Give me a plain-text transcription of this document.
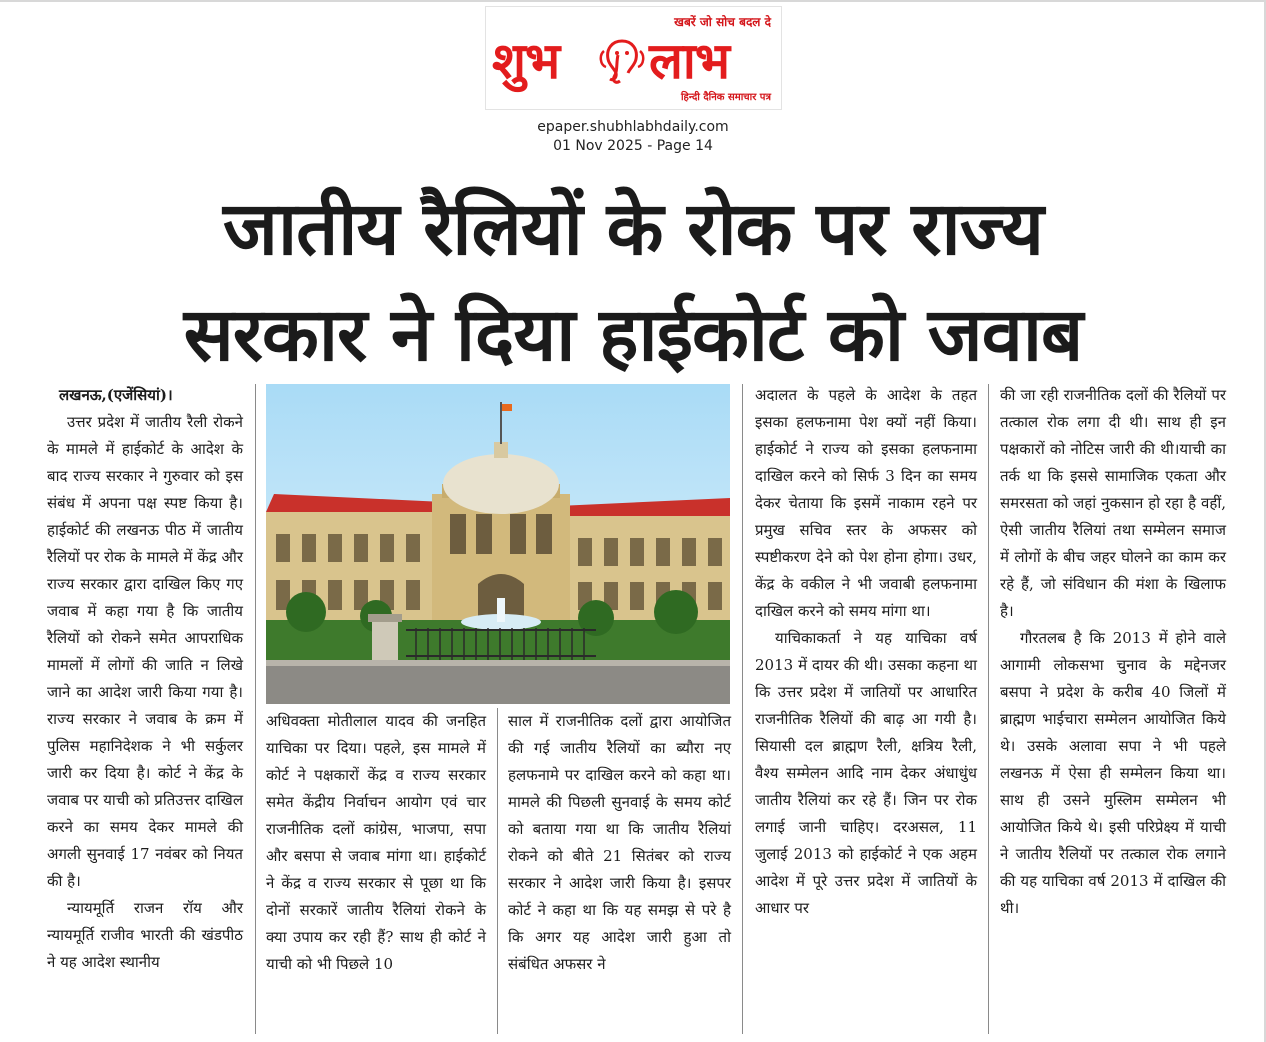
खबरें जो सोच बदल दे
शुभ लाभ
हिन्दी दैनिक समाचार पत्र
epaper.shubhlabhdaily.com
01 Nov 2025 - Page 14
जातीय रैलियों के रोक पर राज्य
सरकार ने दिया हाईकोर्ट को जवाब

लखनऊ,(एजेंसियां)।

उत्तर प्रदेश में जातीय रैली रोकने के मामले में हाईकोर्ट के आदेश के बाद राज्य सरकार ने गुरुवार को इस संबंध में अपना पक्ष स्पष्ट किया है। हाईकोर्ट की लखनऊ पीठ में जातीय रैलियों पर रोक के मामले में केंद्र और राज्य सरकार द्वारा दाखिल किए गए जवाब में कहा गया है कि जातीय रैलियों को रोकने समेत आपराधिक मामलों में लोगों की जाति न लिखे जाने का आदेश जारी किया गया है। राज्य सरकार ने जवाब के क्रम में पुलिस महानिदेशक ने भी सर्कुलर जारी कर दिया है। कोर्ट ने केंद्र के जवाब पर याची को प्रतिउत्तर दाखिल करने का समय देकर मामले की अगली सुनवाई 17 नवंबर को नियत की है।

न्यायमूर्ति राजन रॉय और न्यायमूर्ति राजीव भारती की खंडपीठ ने यह आदेश स्थानीय

अधिवक्ता मोतीलाल यादव की जनहित याचिका पर दिया। पहले, इस मामले में कोर्ट ने पक्षकारों केंद्र व राज्य सरकार समेत केंद्रीय निर्वाचन आयोग एवं चार राजनीतिक दलों कांग्रेस, भाजपा, सपा और बसपा से जवाब मांगा था। हाईकोर्ट ने केंद्र व राज्य सरकार से पूछा था कि दोनों सरकारें जातीय रैलियां रोकने के क्या उपाय कर रही हैं? साथ ही कोर्ट ने याची को भी पिछले 10

साल में राजनीतिक दलों द्वारा आयोजित की गई जातीय रैलियों का ब्यौरा नए हलफनामे पर दाखिल करने को कहा था। मामले की पिछली सुनवाई के समय कोर्ट को बताया गया था कि जातीय रैलियां रोकने को बीते 21 सितंबर को राज्य सरकार ने आदेश जारी किया है। इसपर कोर्ट ने कहा था कि यह समझ से परे है कि अगर यह आदेश जारी हुआ तो संबंधित अफसर ने

अदालत के पहले के आदेश के तहत इसका हलफनामा पेश क्यों नहीं किया। हाईकोर्ट ने राज्य को इसका हलफनामा दाखिल करने को सिर्फ 3 दिन का समय देकर चेताया कि इसमें नाकाम रहने पर प्रमुख सचिव स्तर के अफसर को स्पष्टीकरण देने को पेश होना होगा। उधर, केंद्र के वकील ने भी जवाबी हलफनामा दाखिल करने को समय मांगा था।

याचिकाकर्ता ने यह याचिका वर्ष 2013 में दायर की थी। उसका कहना था कि उत्तर प्रदेश में जातियों पर आधारित राजनीतिक रैलियों की बाढ़ आ गयी है। सियासी दल ब्राह्मण रैली, क्षत्रिय रैली, वैश्य सम्मेलन आदि नाम देकर अंधाधुंध जातीय रैलियां कर रहे हैं। जिन पर रोक लगाई जानी चाहिए। दरअसल, 11 जुलाई 2013 को हाईकोर्ट ने एक अहम आदेश में पूरे उत्तर प्रदेश में जातियों के आधार पर

की जा रही राजनीतिक दलों की रैलियों पर तत्काल रोक लगा दी थी। साथ ही इन पक्षकारों को नोटिस जारी की थी।याची का तर्क था कि इससे सामाजिक एकता और समरसता को जहां नुकसान हो रहा है वहीं, ऐसी जातीय रैलियां तथा सम्मेलन समाज में लोगों के बीच जहर घोलने का काम कर रहे हैं, जो संविधान की मंशा के खिलाफ है।

गौरतलब है कि 2013 में होने वाले आगामी लोकसभा चुनाव के मद्देनजर बसपा ने प्रदेश के करीब 40 जिलों में ब्राह्मण भाईचारा सम्मेलन आयोजित किये थे। उसके अलावा सपा ने भी पहले लखनऊ में ऐसा ही सम्मेलन किया था। साथ ही उसने मुस्लिम सम्मेलन भी आयोजित किये थे। इसी परिप्रेक्ष्य में याची ने जातीय रैलियों पर तत्काल रोक लगाने की यह याचिका वर्ष 2013 में दाखिल की थी।
